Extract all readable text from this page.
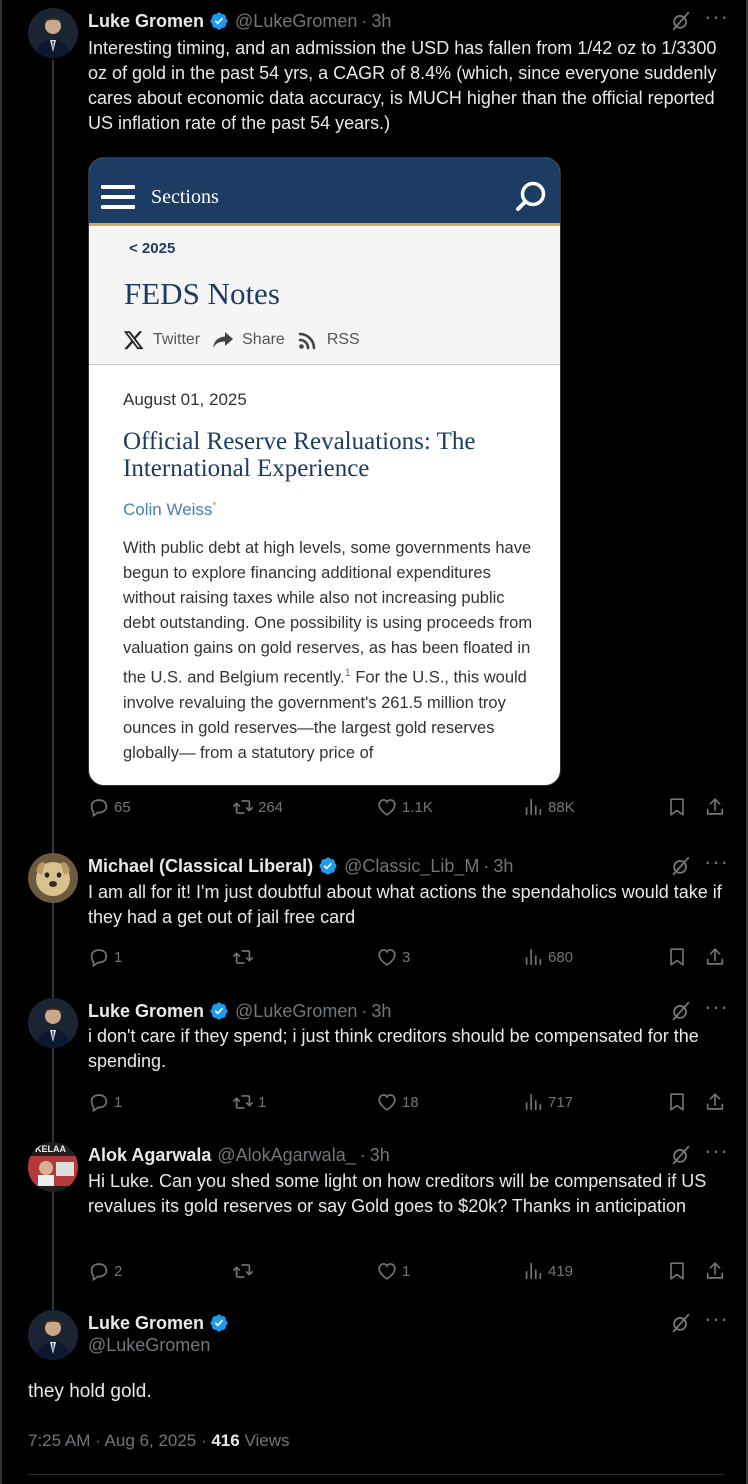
Luke Gromen @LukeGromen · 3h	···
Interesting timing, and an admission the USD has fallen from 1/42 oz to 1/3300 oz of gold in the past 54 yrs, a CAGR of 8.4% (which, since everyone suddenly cares about economic data accuracy, is MUCH higher than the official reported US inflation rate of the past 54 years.)
Sections
< 2025
FEDS Notes
Twitter	Share	RSS
August 01, 2025
Official Reserve Revaluations: The International Experience
Colin Weiss*
With public debt at high levels, some governments have begun to explore financing additional expenditures without raising taxes while also not increasing public debt outstanding. One possibility is using proceeds from valuation gains on gold reserves, as has been floated in the U.S. and Belgium recently.$^1$ For the U.S., this would involve revaluing the government's 261.5 million troy ounces in gold reserves—the largest gold reserves globally— from a statutory price of
65	264	1.1K	88K
Michael (Classical Liberal) @Classic_Lib_M · 3h	···
I am all for it! I'm just doubtful about what actions the spendaholics would take if they had a get out of jail free card
1	3	680
Luke Gromen @LukeGromen · 3h	···
i don't care if they spend; i just think creditors should be compensated for the spending.
1	1	18	717
KELAA Alok Agarwala @AlokAgarwala_ · 3h	···
Hi Luke. Can you shed some light on how creditors will be compensated if US revalues its gold reserves or say Gold goes to $20k? Thanks in anticipation
2	1	419
Luke Gromen
@LukeGromen
···
they hold gold.
7:25 AM · Aug 6, 2025 · 416 Views
